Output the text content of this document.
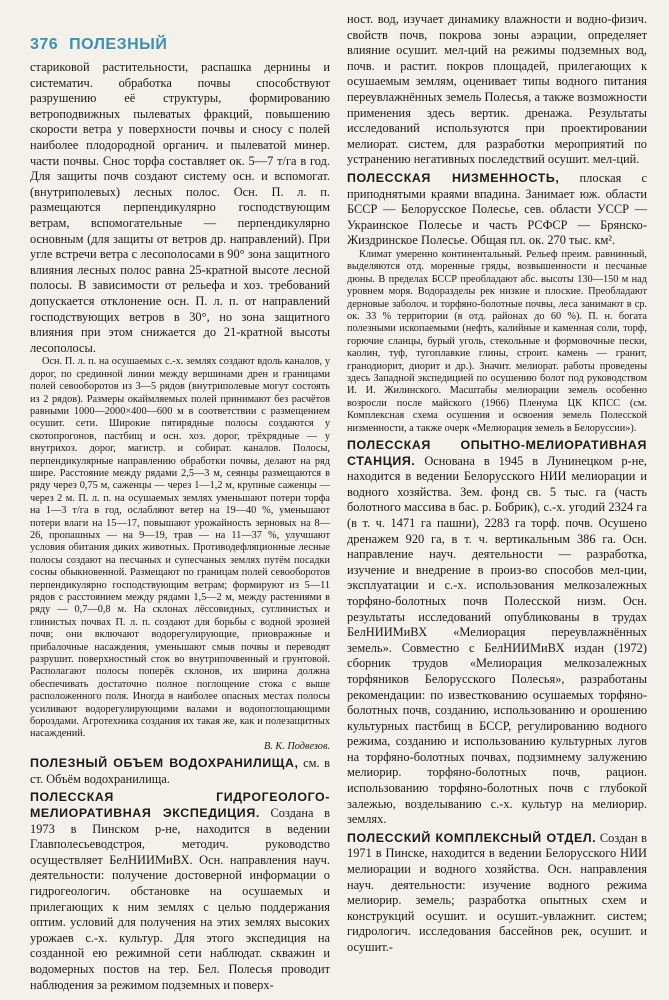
376 ПОЛЕЗНЫЙ

стариковой растительности, распашка дернины и систематич. обработка почвы способствуют разрушению её структуры, формированию ветроподвижных пылеватых фракций, повышению скорости ветра у поверхности почвы и сносу с полей наиболее плодородной органич. и пылеватой минер. части почвы. Снос торфа составляет ок. 5—7 т/га в год. Для защиты почв создают систему осн. и вспомогат. (внутриполевых) лесных полос. Осн. П. л. п. размещаются перпендикулярно господствующим ветрам, вспомогательные — перпендикулярно основным (для защиты от ветров др. направлений). При угле встречи ветра с лесополосами в 90° зона защитного влияния лесных полос равна 25-кратной высоте лесной полосы. В зависимости от рельефа и хоз. требований допускается отклонение осн. П. л. п. от направлений господствующих ветров в 30°, но зона защитного влияния при этом снижается до 21-кратной высоты лесополосы.

Осн. П. л. п. на осушаемых с.-х. землях создают вдоль каналов, у дорог, по срединной линии между вершинами дрен и границами полей севооборотов из 3—5 рядов (внутриполевые могут состоять из 2 рядов). Размеры окаймляемых полей принимают без расчётов равными 1000—2000×400—600 м в соответствии с размещением осушит. сети. Широкие пятирядные полосы создаются у скотопрогонов, пастбищ и осн. хоз. дорог, трёхрядные — у внутрихоз. дорог, магистр. и собират. каналов. Полосы, перпендикулярные направлению обработки почвы, делают на ряд шире. Расстояние между рядами 2,5—3 м, сеянцы размещаются в ряду через 0,75 м, саженцы — через 1—1,2 м, крупные саженцы — через 2 м. П. л. п. на осушаемых землях уменьшают потери торфа на 1—3 т/га в год, ослабляют ветер на 19—40 %, уменьшают потери влаги на 15—17, повышают урожайность зерновых на 8—26, пропашных — на 9—19, трав — на 11—37 %, улучшают условия обитания диких животных. Противодефляционные лесные полосы создают на песчаных и супесчаных землях путём посадки сосны обыкновенной. Размещают по границам полей севооборотов перпендикулярно господствующим ветрам; формируют из 5—11 рядов с расстоянием между рядами 1,5—2 м, между растениями в ряду — 0,7—0,8 м. На склонах лёссовидных, суглинистых и глинистых почвах П. л. п. создают для борьбы с водной эрозией почв; они включают водорегулирующие, приовражные и прибалочные насаждения, уменьшают смыв почвы и переводят разрушит. поверхностный сток во внутрипочвенный и грунтовой. Располагают полосы поперёк склонов, их ширина должна обеспечивать достаточно полное поглощение стока с выше расположенного поля. Иногда в наиболее опасных местах полосы усиливают водорегулирующими валами и водопоглощающими бороздами. Агротехника создания их такая же, как и полезащитных насаждений.

В. К. Подвезов.

ПОЛЕЗНЫЙ ОБЪЕМ ВОДОХРАНИЛИЩА, см. в ст. Объём водохранилища.

ПОЛЕССКАЯ ГИДРОГЕОЛОГО-МЕЛИОРАТИВНАЯ ЭКСПЕДИЦИЯ. Создана в 1973 в Пинском р-не, находится в ведении Главполесьеводстроя, методич. руководство осуществляет БелНИИМиВХ. Осн. направления науч. деятельности: получение достоверной информации о гидрогеологич. обстановке на осушаемых и прилегающих к ним землях с целью поддержания оптим. условий для получения на этих землях высоких урожаев с.-х. культур. Для этого экспедиция на созданной ею режимной сети наблюдат. скважин и водомерных постов на тер. Бел. Полесья проводит наблюдения за режимом подземных и поверх-

ност. вод, изучает динамику влажности и водно-физич. свойств почв, покрова зоны аэрации, определяет влияние осушит. мел-ций на режимы подземных вод, почв. и растит. покров площадей, прилегающих к осушаемым землям, оценивает типы водного питания переувлажнённых земель Полесья, а также возможности применения здесь вертик. дренажа. Результаты исследований используются при проектировании мелиорат. систем, для разработки мероприятий по устранению негативных последствий осушит. мел-ций.

ПОЛЕССКАЯ НИЗМЕННОСТЬ, плоская с приподнятыми краями впадина. Занимает юж. области БССР — Белорусское Полесье, сев. области УССР — Украинское Полесье и часть РСФСР — Брянско-Жиздринское Полесье. Общая пл. ок. 270 тыс. км².

Климат умеренно континентальный. Рельеф преим. равнинный, выделяются отд. моренные гряды, возвышенности и песчаные дюны. В пределах БССР преобладают абс. высоты 130—150 м над уровнем моря. Водоразделы рек низкие и плоские. Преобладают дерновые заболоч. и торфяно-болотные почвы, леса занимают в ср. ок. 33 % территории (в отд. районах до 60 %). П. н. богата полезными ископаемыми (нефть, калийные и каменная соли, торф, горючие сланцы, бурый уголь, стекольные и формовочные пески, каолин, туф, тугоплавкие глины, строит. камень — гранит, гранодиорит, диорит и др.). Значит. мелиорат. работы проведены здесь Западной экспедицией по осушению болот под руководством И. И. Жилинского. Масштабы мелиорации земель особенно возросли после майского (1966) Пленума ЦК КПСС (см. Комплексная схема осушения и освоения земель Полесской низменности, а также очерк «Мелиорация земель в Белоруссии»).

ПОЛЕССКАЯ ОПЫТНО-МЕЛИОРАТИВНАЯ СТАНЦИЯ. Основана в 1945 в Лунинецком р-не, находится в ведении Белорусского НИИ мелиорации и водного хозяйства. Зем. фонд св. 5 тыс. га (часть болотного массива в бас. р. Бобрик), с.-х. угодий 2324 га (в т. ч. 1471 га пашни), 2283 га торф. почв. Осушено дренажем 920 га, в т. ч. вертикальным 386 га. Осн. направление науч. деятельности — разработка, изучение и внедрение в произ-во способов мел-ции, эксплуатации и с.-х. использования мелкозалежных торфяно-болотных почв Полесской низм. Осн. результаты исследований опубликованы в трудах БелНИИМиВХ «Мелиорация переувлажнённых земель». Совместно с БелНИИМиВХ издан (1972) сборник трудов «Мелиорация мелкозалежных торфяников Белорусского Полесья», разработаны рекомендации: по известкованию осушаемых торфяно-болотных почв, созданию, использованию и орошению культурных пастбищ в БССР, регулированию водного режима, созданию и использованию культурных лугов на торфяно-болотных почвах, подзимнему залужению мелиорир. торфяно-болотных почв, рацион. использованию торфяно-болотных почв с глубокой залежью, возделыванию с.-х. культур на мелиорир. землях.

ПОЛЕССКИЙ КОМПЛЕКСНЫЙ ОТДЕЛ. Создан в 1971 в Пинске, находится в ведении Белорусского НИИ мелиорации и водного хозяйства. Осн. направления науч. деятельности: изучение водного режима мелиорир. земель; разработка опытных схем и конструкций осушит. и осушит.-увлажнит. систем; гидрологич. исследования бассейнов рек, осушит. и осушит.-
